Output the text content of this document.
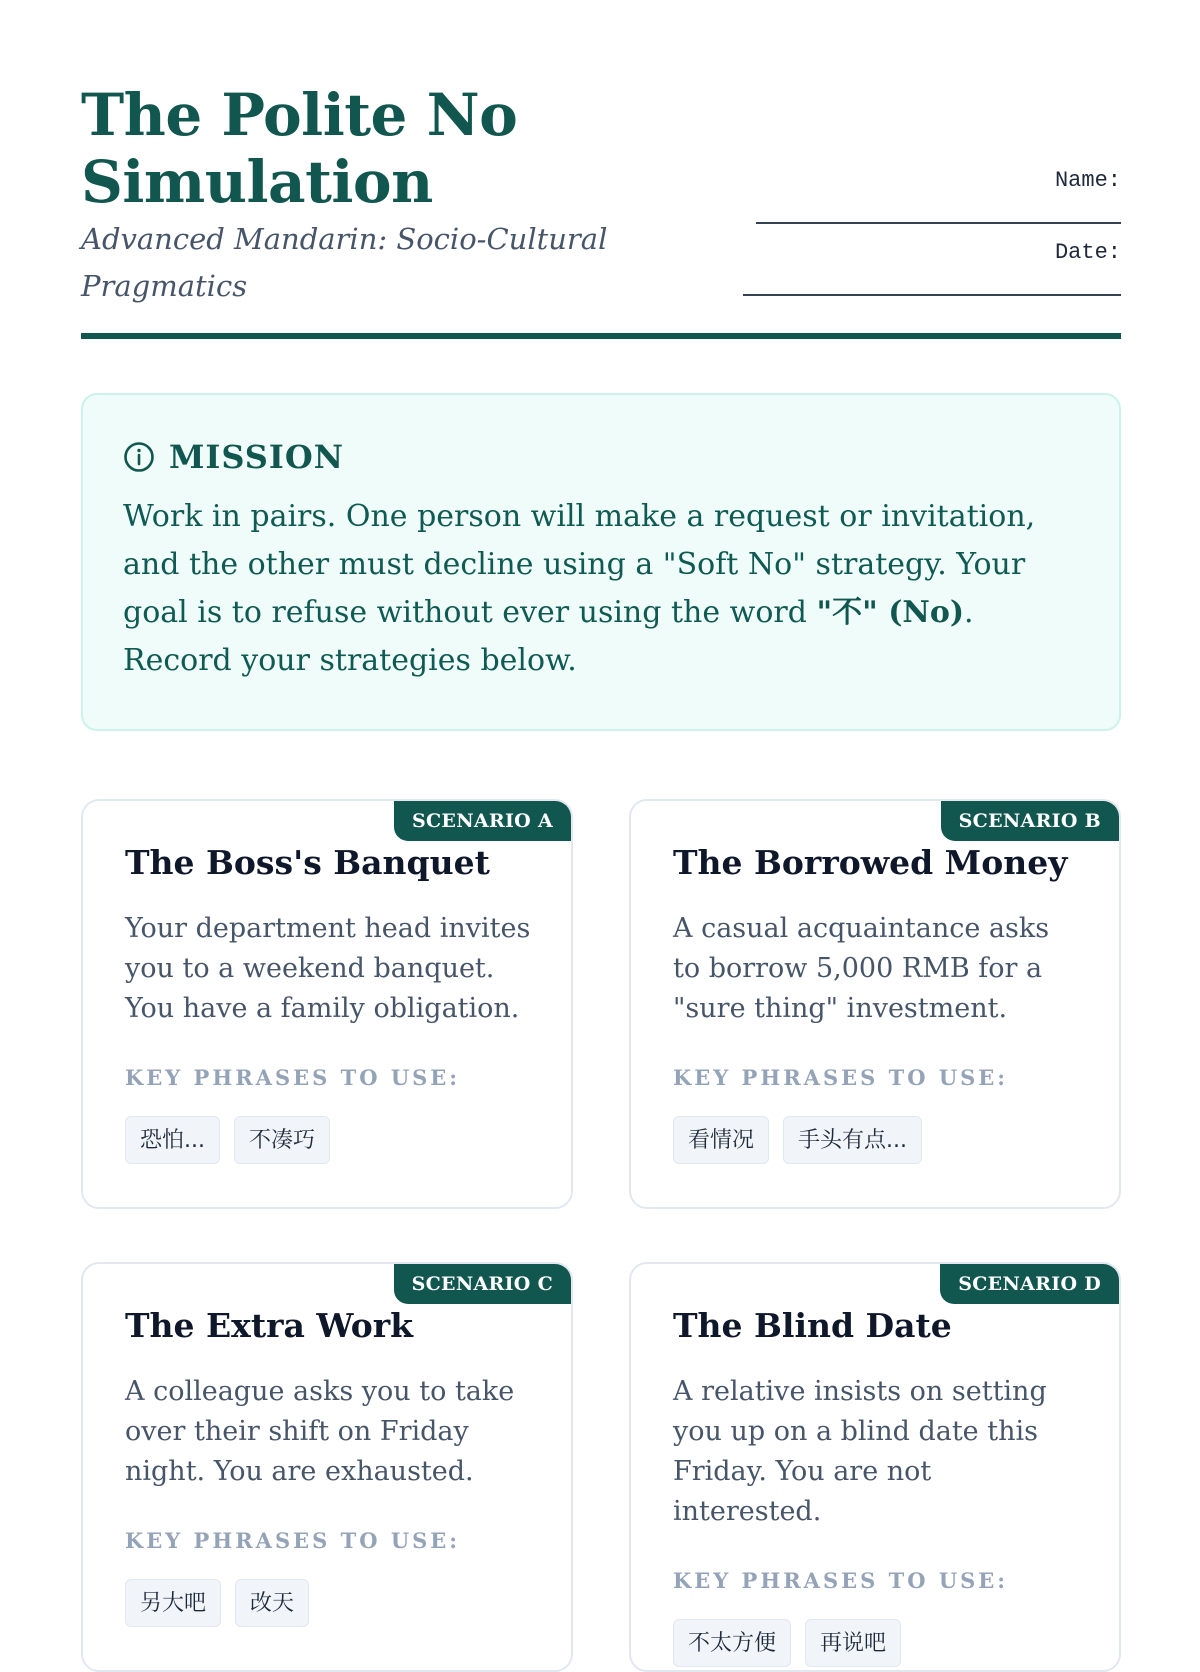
The Polite No
Simulation

Advanced Mandarin: Socio-Cultural Pragmatics

Name:
Date:
MISSION
Work in pairs. One person will make a request or invitation, and the other must decline using a "Soft No" strategy. Your goal is to refuse without ever using the word "不" (No). Record your strategies below.
SCENARIO A
The Boss's Banquet
Your department head invites you to a weekend banquet. You have a family obligation.
KEY PHRASES TO USE:
恐怕...	不凑巧
SCENARIO B
The Borrowed Money
A casual acquaintance asks to borrow 5,000 RMB for a "sure thing" investment.
KEY PHRASES TO USE:
看情况	手头有点...
SCENARIO C
The Extra Work
A colleague asks you to take over their shift on Friday night. You are exhausted.
KEY PHRASES TO USE:
另大吧	改天
SCENARIO D
The Blind Date
A relative insists on setting you up on a blind date this Friday. You are not interested.
KEY PHRASES TO USE:
不太方便	再说吧
